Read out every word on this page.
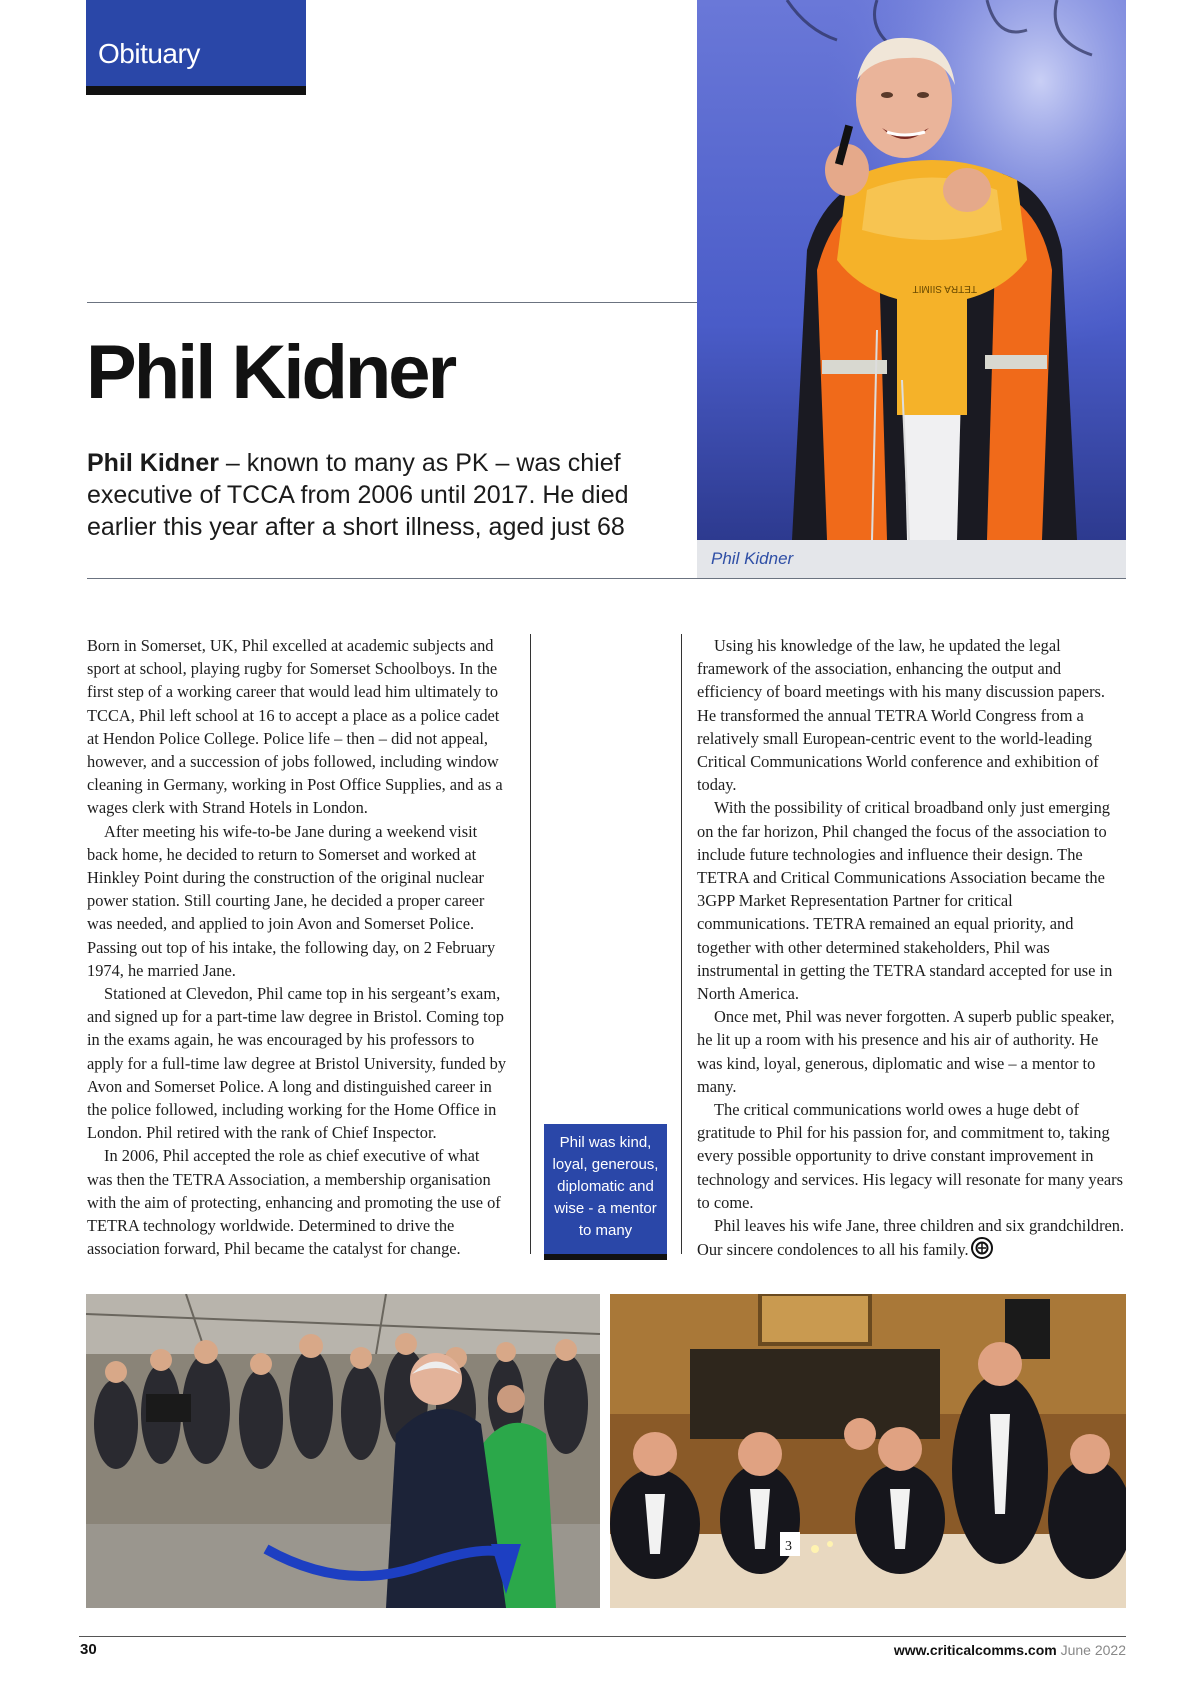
Obituary
TETRA SIIMIT
Phil Kidner
Phil Kidner
Phil Kidner – known to many as PK – was chief executive of TCCA from 2006 until 2017. He died earlier this year after a short illness, aged just 68

Born in Somerset, UK, Phil excelled at academic subjects and sport at school, playing rugby for Somerset Schoolboys. In the first step of a working career that would lead him ultimately to TCCA, Phil left school at 16 to accept a place as a police cadet at Hendon Police College. Police life – then – did not appeal, however, and a succession of jobs followed, including window cleaning in Germany, working in Post Office Supplies, and as a wages clerk with Strand Hotels in London.

After meeting his wife-to-be Jane during a weekend visit back home, he decided to return to Somerset and worked at Hinkley Point during the construction of the original nuclear power station. Still courting Jane, he decided a proper career was needed, and applied to join Avon and Somerset Police. Passing out top of his intake, the following day, on 2 February 1974, he married Jane.

Stationed at Clevedon, Phil came top in his sergeant’s exam, and signed up for a part-time law degree in Bristol. Coming top in the exams again, he was encouraged by his professors to apply for a full-time law degree at Bristol University, funded by Avon and Somerset Police. A long and distinguished career in the police followed, including working for the Home Office in London. Phil retired with the rank of Chief Inspector.

In 2006, Phil accepted the role as chief executive of what was then the TETRA Association, a membership organisation with the aim of protecting, enhancing and promoting the use of TETRA technology worldwide. Determined to drive the association forward, Phil became the catalyst for change.

Phil was kind, loyal, generous, diplomatic and wise - a mentor to many

Using his knowledge of the law, he updated the legal framework of the association, enhancing the output and efficiency of board meetings with his many discussion papers. He transformed the annual TETRA World Congress from a relatively small European-centric event to the world-leading Critical Communications World conference and exhibition of today.

With the possibility of critical broadband only just emerging on the far horizon, Phil changed the focus of the association to include future technologies and influence their design. The TETRA and Critical Communications Association became the 3GPP Market Representation Partner for critical communications. TETRA remained an equal priority, and together with other determined stakeholders, Phil was instrumental in getting the TETRA standard accepted for use in North America.

Once met, Phil was never forgotten. A superb public speaker, he lit up a room with his presence and his air of authority. He was kind, loyal, generous, diplomatic and wise – a mentor to many.

The critical communications world owes a huge debt of gratitude to Phil for his passion for, and commitment to, taking every possible opportunity to drive constant improvement in technology and services. His legacy will resonate for many years to come.

Phil leaves his wife Jane, three children and six grandchildren. Our sincere condolences to all his family.

3
30	www.criticalcomms.com June 2022
